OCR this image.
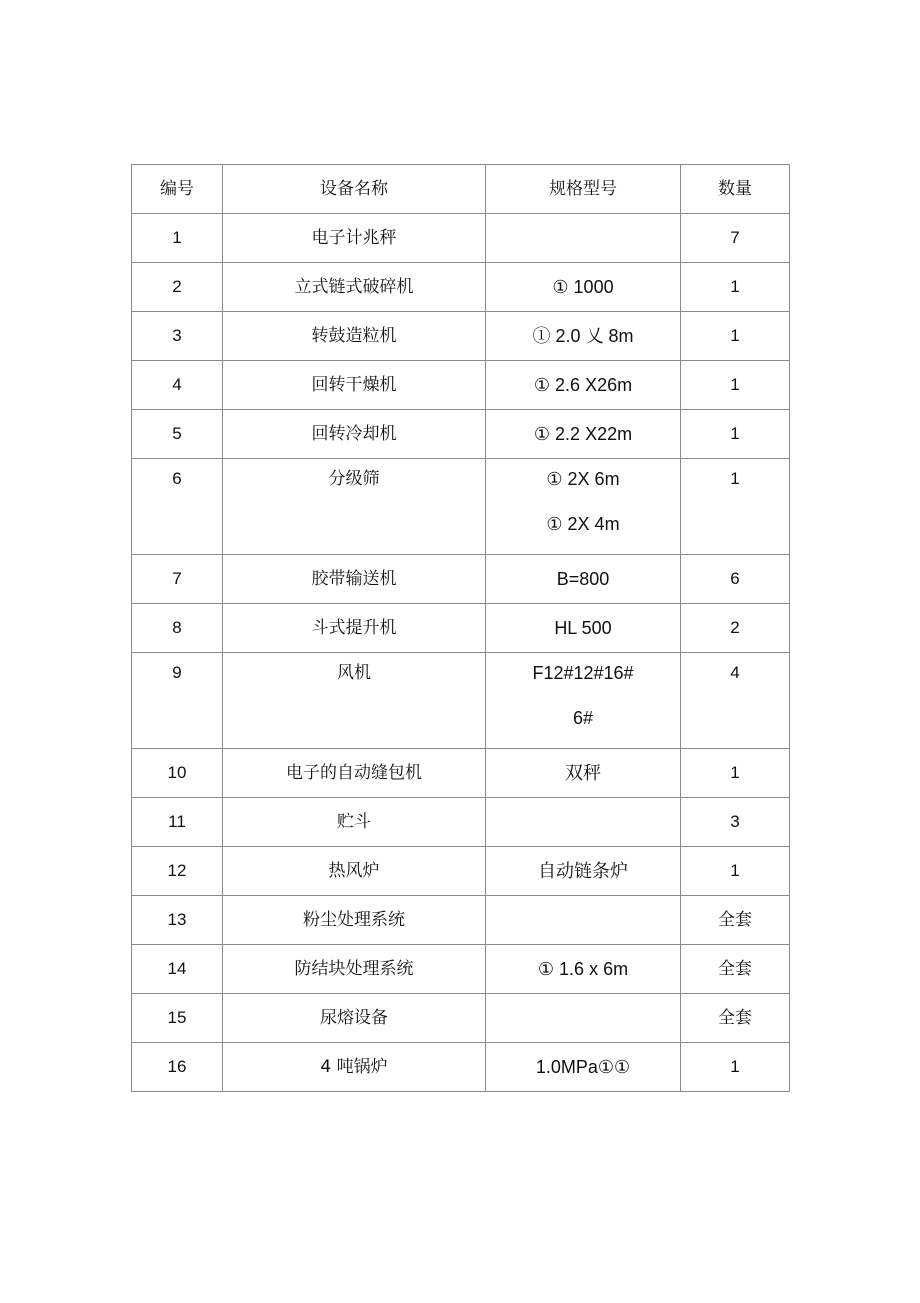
编号	设备名称	规格型号	数量
1	电子计兆秤		7
2	立式链式破碎机	① 1000	1
3	转鼓造粒机	① 2.0 乂 8m	1
4	回转干燥机	① 2.6 X26m	1
5	回转冷却机	① 2.2 X22m	1
6	分级筛	① 2X 6m
① 2X 4m	1
7	胶带输送机	B=800	6
8	斗式提升机	HL 500	2
9	风机	F12#12#16#
6#	4
10	电子的自动缝包机	双秤	1
11	贮斗		3
12	热风炉	自动链条炉	1
13	粉尘处理系统		全套
14	防结块处理系统	① 1.6 x 6m	全套
15	尿熔设备		全套
16	4 吨锅炉	1.0MPa①①	1
